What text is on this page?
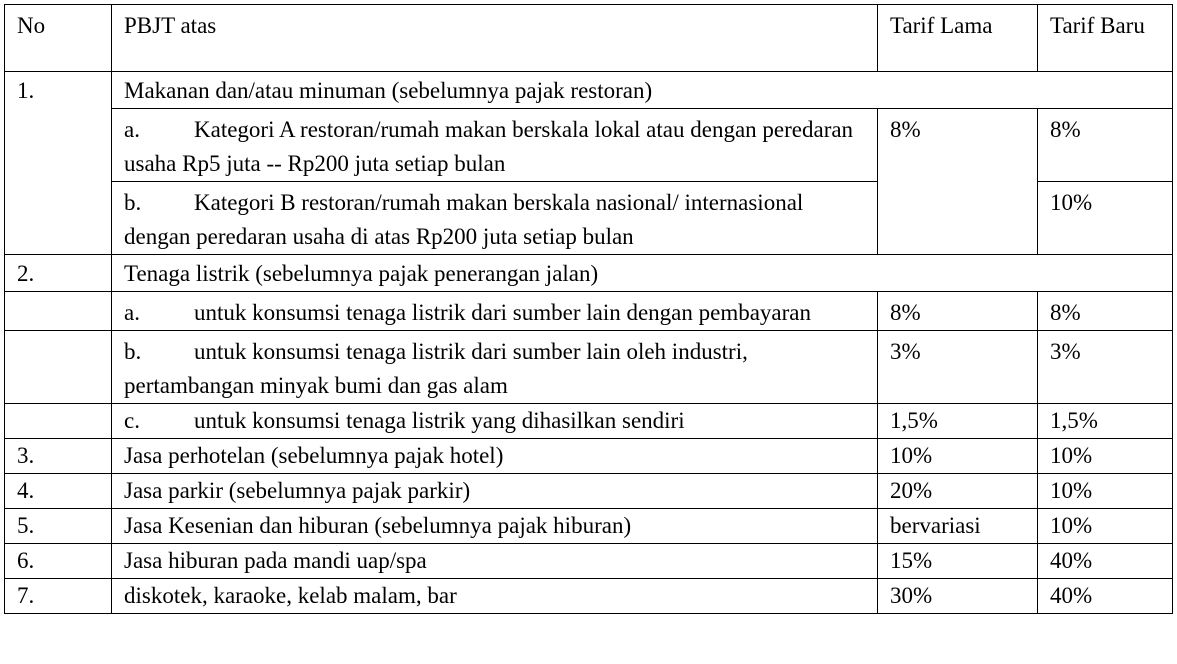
No	PBJT atas	Tarif Lama	Tarif Baru
1.	Makanan dan/atau minuman (sebelumnya pajak restoran)		
	a. Kategori A restoran/rumah makan berskala lokal atau dengan peredaran usaha Rp5 juta -- Rp200 juta setiap bulan	8%	8%
	b. Kategori B restoran/rumah makan berskala nasional/ internasional dengan peredaran usaha di atas Rp200 juta setiap bulan		10%
2.	Tenaga listrik (sebelumnya pajak penerangan jalan)		
	a. untuk konsumsi tenaga listrik dari sumber lain dengan pembayaran	8%	8%
	b. untuk konsumsi tenaga listrik dari sumber lain oleh industri, pertambangan minyak bumi dan gas alam	3%	3%
	c. untuk konsumsi tenaga listrik yang dihasilkan sendiri	1,5%	1,5%
3.	Jasa perhotelan (sebelumnya pajak hotel)	10%	10%
4.	Jasa parkir (sebelumnya pajak parkir)	20%	10%
5.	Jasa Kesenian dan hiburan (sebelumnya pajak hiburan)	bervariasi	10%
6.	Jasa hiburan pada mandi uap/spa	15%	40%
7.	diskotek, karaoke, kelab malam, bar	30%	40%
